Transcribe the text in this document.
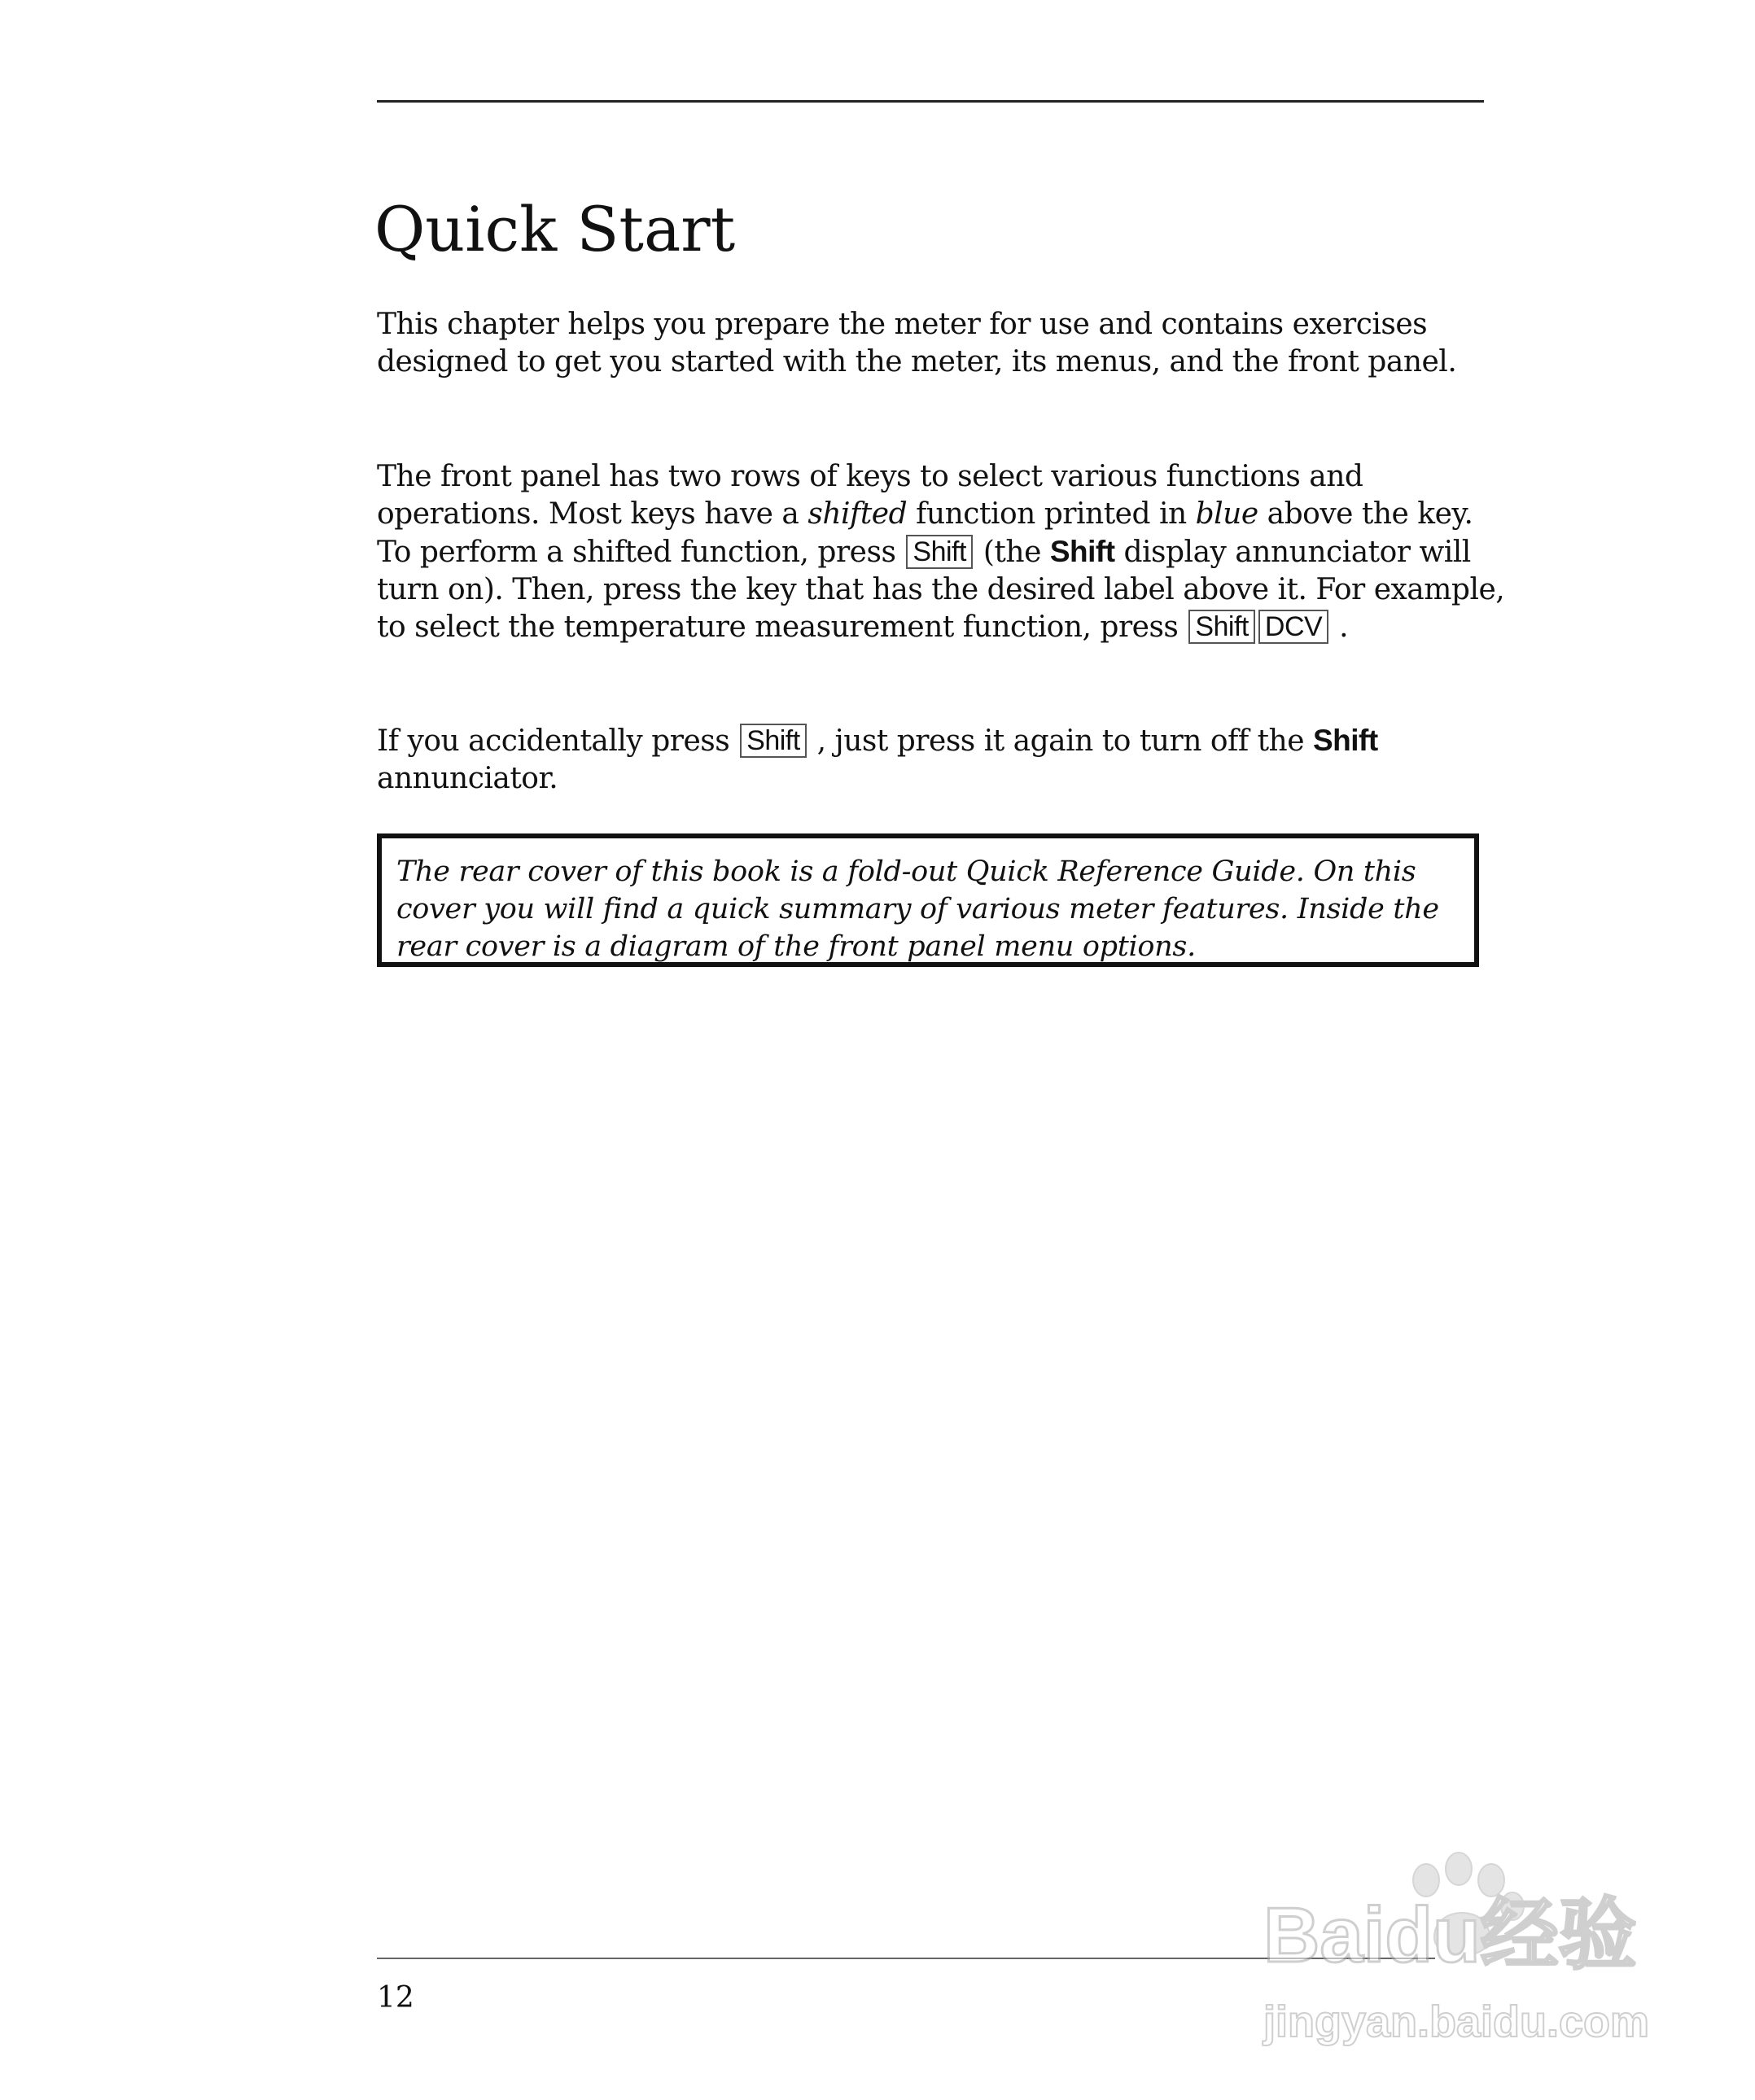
Quick Start

This chapter helps you prepare the meter for use and contains exercises designed to get you started with the meter, its menus, and the front panel.

The front panel has two rows of keys to select various functions and operations. Most keys have a shifted function printed in blue above the key. To perform a shifted function, press Shift (the Shift display annunciator will turn on). Then, press the key that has the desired label above it. For example, to select the temperature measurement function, press Shift DCV .

If you accidentally press Shift , just press it again to turn off the Shift annunciator.

The rear cover of this book is a fold-out Quick Reference Guide. On this cover you will find a quick summary of various meter features. Inside the rear cover is a diagram of the front panel menu options.

12
Baidu经验
jingyan.baidu.com
